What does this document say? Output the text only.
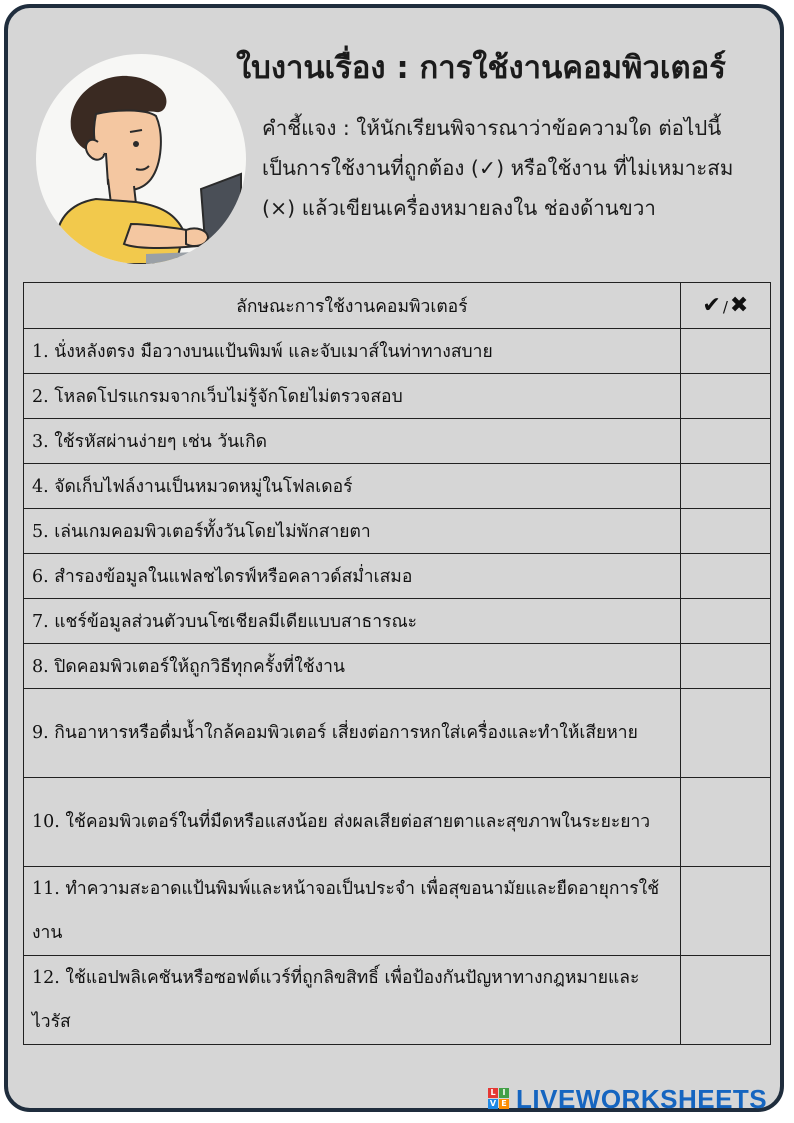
ใบงานเรื่อง : การใช้งานคอมพิวเตอร์
คำชี้แจง : ให้นักเรียนพิจารณาว่าข้อความใด ต่อไปนี้เป็นการใช้งานที่ถูกต้อง (✓) หรือใช้งาน ที่ไม่เหมาะสม (×) แล้วเขียนเครื่องหมายลงใน ช่องด้านขวา
ลักษณะการใช้งานคอมพิวเตอร์	✔ /✖
1. นั่งหลังตรง มือวางบนแป้นพิมพ์ และจับเมาส์ในท่าทางสบาย	
2. โหลดโปรแกรมจากเว็บไม่รู้จักโดยไม่ตรวจสอบ	
3. ใช้รหัสผ่านง่ายๆ เช่น วันเกิด	
4. จัดเก็บไฟล์งานเป็นหมวดหมู่ในโฟลเดอร์	
5. เล่นเกมคอมพิวเตอร์ทั้งวันโดยไม่พักสายตา	
6. สำรองข้อมูลในแฟลชไดรฟ์หรือคลาวด์สม่ำเสมอ	
7. แชร์ข้อมูลส่วนตัวบนโซเชียลมีเดียแบบสาธารณะ	
8. ปิดคอมพิวเตอร์ให้ถูกวิธีทุกครั้งที่ใช้งาน	
9. กินอาหารหรือดื่มน้ำใกล้คอมพิวเตอร์ เสี่ยงต่อการหกใส่เครื่องและทำให้เสียหาย	
10. ใช้คอมพิวเตอร์ในที่มืดหรือแสงน้อย ส่งผลเสียต่อสายตาและสุขภาพในระยะยาว	
11. ทำความสะอาดแป้นพิมพ์และหน้าจอเป็นประจำ เพื่อสุขอนามัยและยืดอายุการใช้งาน	
12. ใช้แอปพลิเคชันหรือซอฟต์แวร์ที่ถูกลิขสิทธิ์ เพื่อป้องกันปัญหาทางกฎหมายและไวรัส	
L I
V E LIVEWORKSHEETS
